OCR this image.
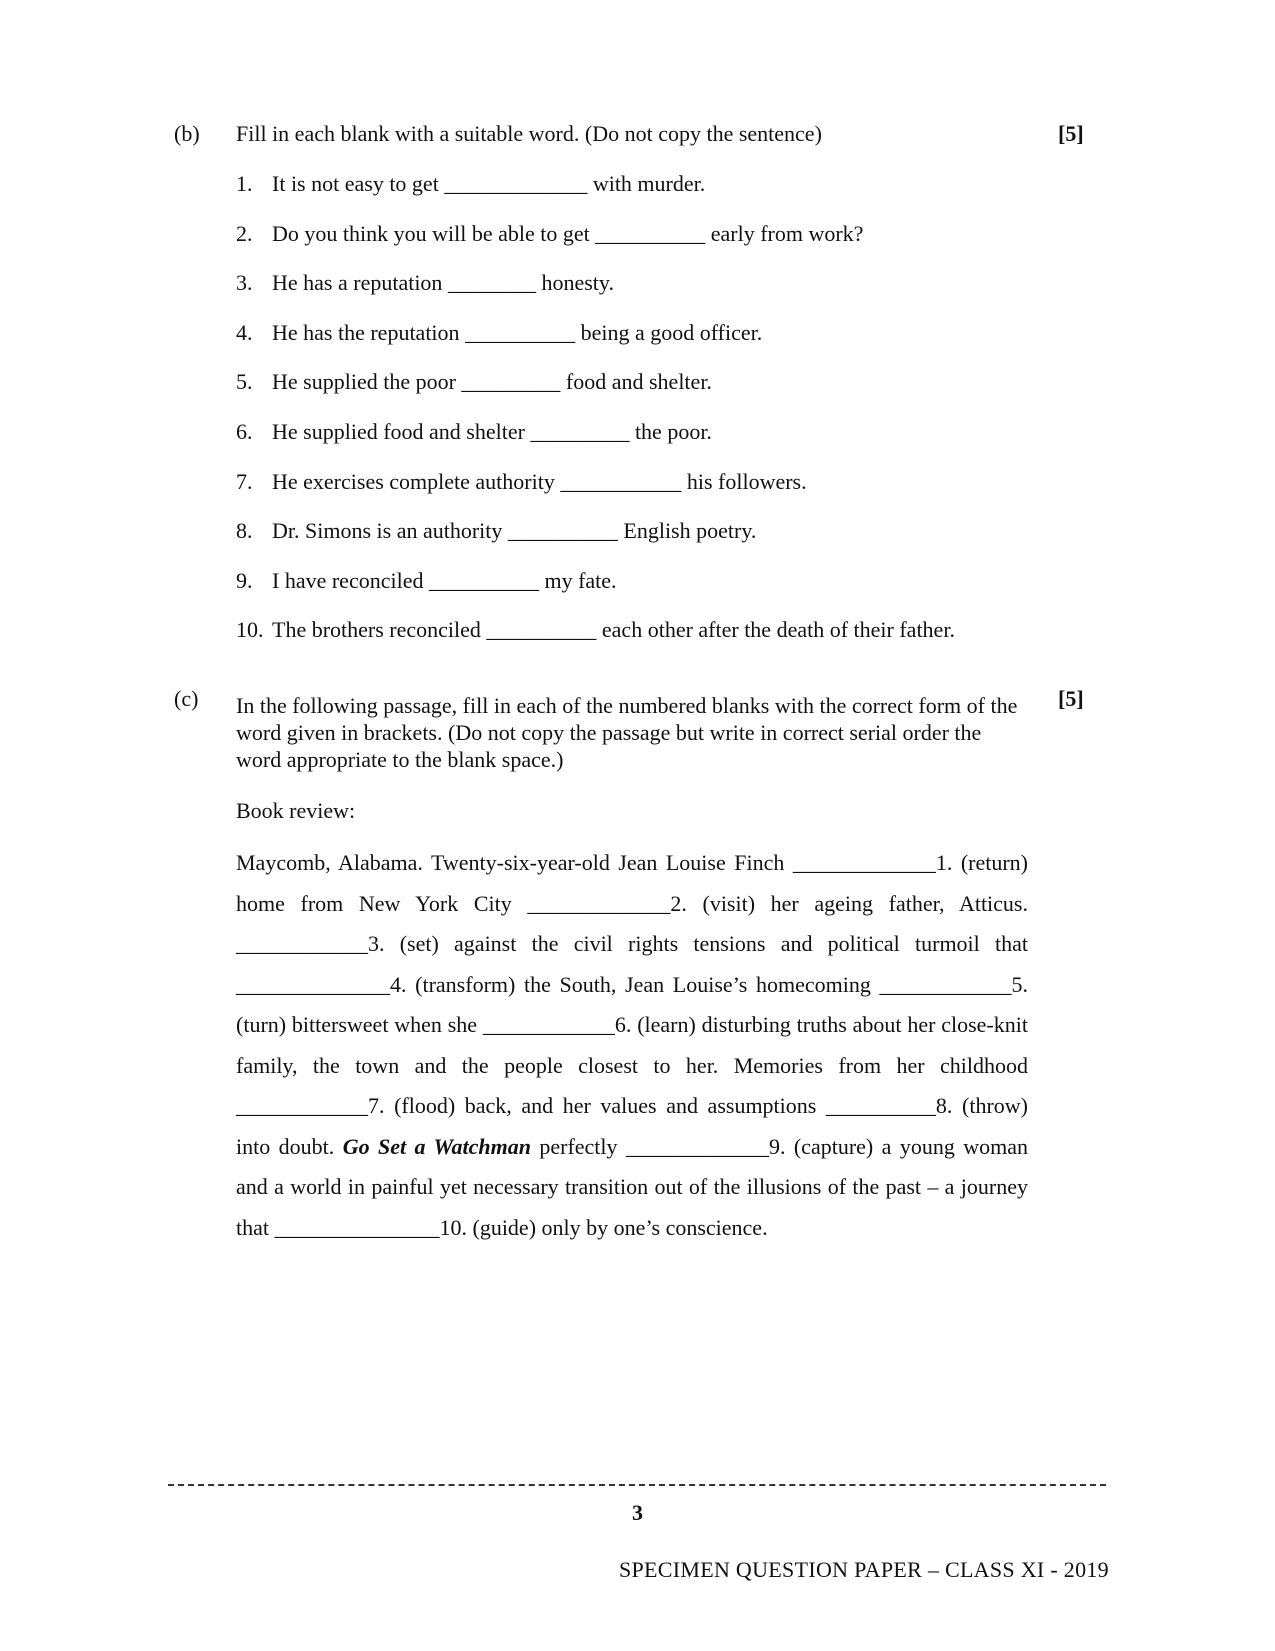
(b) Fill in each blank with a suitable word. (Do not copy the sentence)	[5]
1. It is not easy to get _____________ with murder.
2. Do you think you will be able to get __________ early from work?
3. He has a reputation ________ honesty.
4. He has the reputation __________ being a good officer.
5. He supplied the poor _________ food and shelter.
6. He supplied food and shelter _________ the poor.
7. He exercises complete authority ___________ his followers.
8. Dr. Simons is an authority __________ English poetry.
9. I have reconciled __________ my fate.
10. The brothers reconciled __________ each other after the death of their father.
(c) In the following passage, fill in each of the numbered blanks with the correct form of the word given in brackets. (Do not copy the passage but write in correct serial order the word appropriate to the blank space.)
[5]
Book review:
Maycomb, Alabama. Twenty-six-year-old Jean Louise Finch _____________1. (return) home from New York City _____________2. (visit) her ageing father, Atticus. ____________3. (set) against the civil rights tensions and political turmoil that ______________4. (transform) the South, Jean Louise’s homecoming ____________5. (turn) bittersweet when she ____________6. (learn) disturbing truths about her close-knit family, the town and the people closest to her. Memories from her childhood ____________7. (flood) back, and her values and assumptions __________8. (throw) into doubt. Go Set a Watchman perfectly _____________9. (capture) a young woman and a world in painful yet necessary transition out of the illusions of the past – a journey that _______________10. (guide) only by one’s conscience.
3
SPECIMEN QUESTION PAPER – CLASS XI - 2019
